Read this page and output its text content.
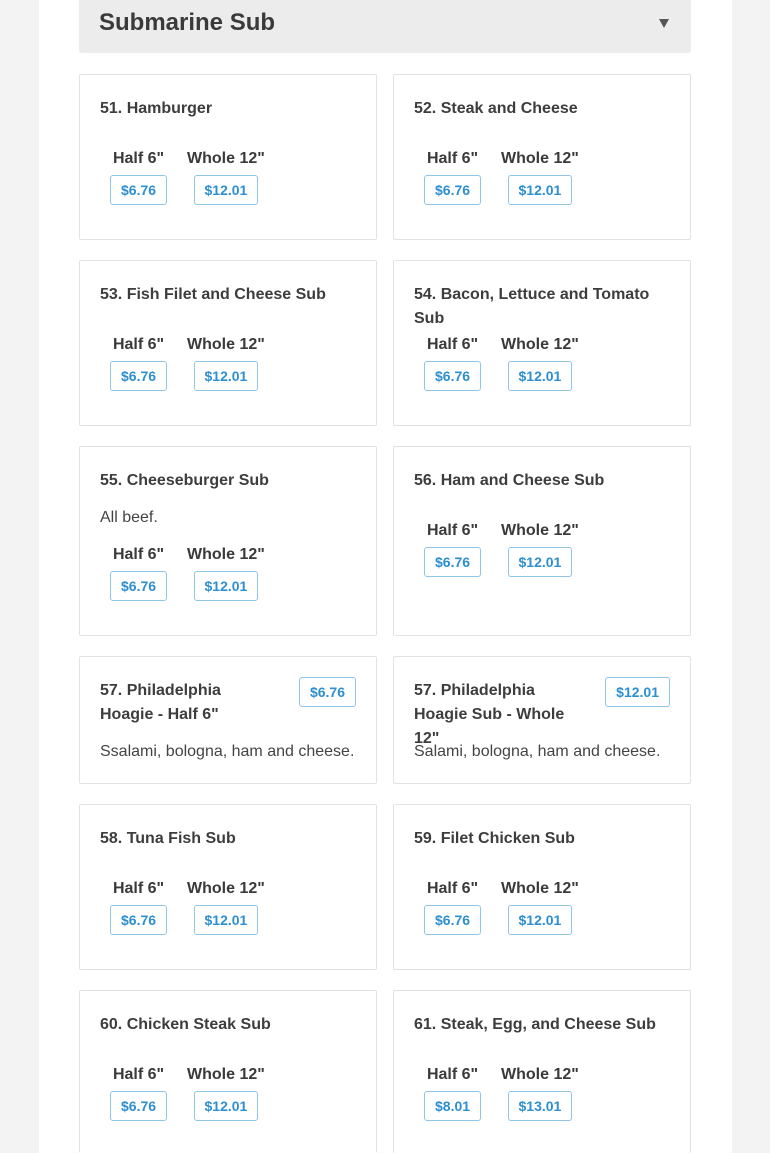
Submarine Sub
51. Hamburger
Half 6"
$6.76
Whole 12"
$12.01
52. Steak and Cheese
Half 6"
$6.76
Whole 12"
$12.01
53. Fish Filet and Cheese Sub
Half 6"
$6.76
Whole 12"
$12.01
54. Bacon, Lettuce and Tomato Sub
Half 6"
$6.76
Whole 12"
$12.01
55. Cheeseburger Sub
All beef.
Half 6"
$6.76
Whole 12"
$12.01
56. Ham and Cheese Sub
Half 6"
$6.76
Whole 12"
$12.01
57. Philadelphia Hoagie - Half 6"
$6.76
Ssalami, bologna, ham and cheese.
57. Philadelphia Hoagie Sub - Whole 12"
$12.01
Salami, bologna, ham and cheese.
58. Tuna Fish Sub
Half 6"
$6.76
Whole 12"
$12.01
59. Filet Chicken Sub
Half 6"
$6.76
Whole 12"
$12.01
60. Chicken Steak Sub
Half 6"
$6.76
Whole 12"
$12.01
61. Steak, Egg, and Cheese Sub
Half 6"
$8.01
Whole 12"
$13.01
